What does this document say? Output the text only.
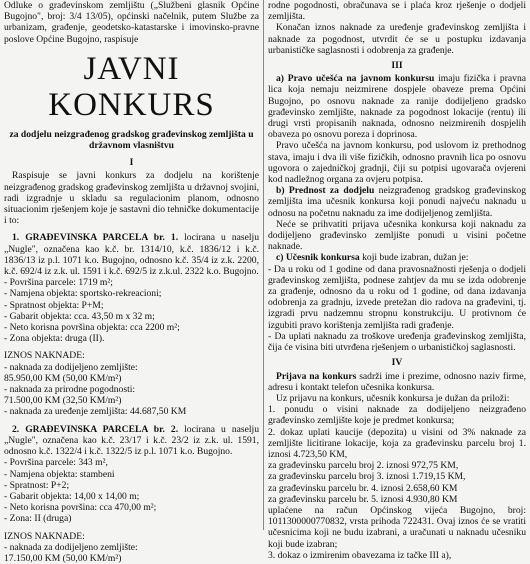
Odluke o građevinskom zemljištu („Službeni glasnik Općine Bugojno", broj: 3/4 13/05), općinski načelnik, putem Službe za urbanizam, građenje, geodetsko-katastarske i imovinsko-pravne poslove Općine Bugojno, raspisuje

JAVNI KONKURS
za dodjelu neizgrađenog gradskog građevinskog zemljišta u državnom vlasništvu
I

Raspisuje se javni konkurs za dodjelu na korištenje neizgrađenog gradskog građevinskog zemljišta u državnoj svojini, radi izgradnje u skladu sa regulacionim planom, odnosno situacionim rješenjem koje je sastavni dio tehničke dokumentacije i to:

1. GRAĐEVINSKA PARCELA br. 1. locirana u naselju „Nugle", označena kao k.č. br. 1314/10, k.č. 1836/12 i k.č. 1836/13 iz p.l. 1071 k.o. Bugojno, odnosno k.č. 35/4 iz z.k. 2200, k.č. 692/4 iz z.k. ul. 1591 i k.č. 692/5 iz z.k.ul. 2322 k.o. Bugojno.

- Površina parcele: 1719 m²;
- Namjena objekta: sportsko-rekreacioni;
- Spratnost objekta: P+M;
- Gabarit objekta: cca. 43,50 m x 32 m;
- Neto korisna površina objekta: cca 2200 m²;
- Zona objekta: druga (II).
IZNOS NAKNADE:
- naknada za dodijeljeno zemljište:
85.950,00 KM (50,00 KM/m²)
- naknada za prirodne pogodnosti:
71.500,00 KM (32,50 KM/m²)
- naknada za uređenje zemljišta: 44.687,50 KM

2. GRAĐEVINSKA PARCELA br. 2. locirana u naselju „Nugle", označena kao k.č. 23/17 i k.č. 23/2 iz z.k. ul. 1591, odnosno k.č. 1322/4 i k.č. 1322/5 iz p.l. 1071 k.o. Bugojno.

- Površina parcele: 343 m²,
- Namjena objekta: stambeni
- Spratnost: P+2;
- Gabarit objekta: 14,00 x 14,00 m;
- Neto korisna površina: cca 470,00 m²;
- Zona: II (druga)
IZNOS NAKNADE:
- naknada za dodijeljeno zemljište:
17.150,00 KM (50,00 KM/m²)

rodne pogodnosti, obračunava se i plaća kroz rješenje o dodjeli zemljišta.

Konačan iznos naknade za uređenje građevinskog zemljišta i naknade za pogodnost, utvrdit će se u postupku izdavanja urbanističke saglasnosti i odobrenja za građenje.

III

a) Pravo učešća na javnom konkursu imaju fizička i pravna lica koja nemaju neizmirene dospjele obaveze prema Općini Bugojno, po osnovu naknade za ranije dodijeljeno gradsko građevinsko zemljište, naknade za pogodnost lokacije (rentu) ili drugi vrsti propisanih naknada, odnosno neizmirenih dospjelih obaveza po osnovu poreza i doprinosa.

Pravo učešća na javnom konkursu, pod uslovom iz prethodnog stava, imaju i dva ili više fizičkih, odnosno pravnih lica po osnovu ugovora o zajedničkoj gradnji, čiji su potpisi ugovarača ovjereni kod nadležnog organa za ovjeru potpisa.

b) Prednost za dodjelu neizgrađenog gradskog građevinskog zemljišta ima učesnik konkursa koji ponudi najveću naknadu u odnosu na početnu naknadu za ime dodijeljenog zemljišta.

Neće se prihvatiti prijava učesnika konkursa koji naknadu za dodijeljeno građevinsko zemljište ponudi u visini početne naknade.

c) Učesnik konkursa koji bude izabran, dužan je:

- Da u roku od 1 godine od dana pravosnažnosti rješenja o dodjeli građevinskog zemljišta, podnese zahtjev da mu se izda odobrenje za građenje, odnosno da u roku od 1 godine, od dana izdavanja odobrenja za gradnju, izvede pretežan dio radova na građevini, tj. izgradi prvu nadzemnu stropnu konstrukciju. U protivnom će izgubiti pravo korištenja zemljišta radi građenje.

- Da uplati naknadu za troškove uređenja građevinskog zemljišta, čija će visina biti utvrđena rješenjem o urbanističkoj saglasnosti.

IV

Prijava na konkurs sadrži ime i prezime, odnosno naziv firme, adresu i kontakt telefon učesnika konkursa.

Uz prijavu na konkurs, učesnik konkursa je dužan da priloži:

1. ponudu o visini naknade za dodijeljeno neizgrađeno građevinsko zemljište koje je predmet konkursa;

2. dokaz uplati kaucije (depozita) u visini od 3% naknade za zemljište licitirane lokacije, koja za građevinsku parcelu broj 1. iznosi 4.723,50 KM,

za građevinsku parcelu broj 2. iznosi 972,75 KM,
za građevinsku parcelu broj 3. iznosi 1.719,15 KM,
za građevinsku parcelu br. 4. iznosi 2.658,60 KM
za građevinsku parcelu br. 5. iznosi 4.930,80 KM

uplaćene na račun Općinskog vijeća Bugojno, broj: 1011300000770832, vrsta prihoda 722431. Ovaj iznos će se vratiti učesnicima koji ne budu izabrani, a uračunati u naknadu učesniku koji bude izabran;

3. dokaz o izmirenim obavezama iz tačke III a),
